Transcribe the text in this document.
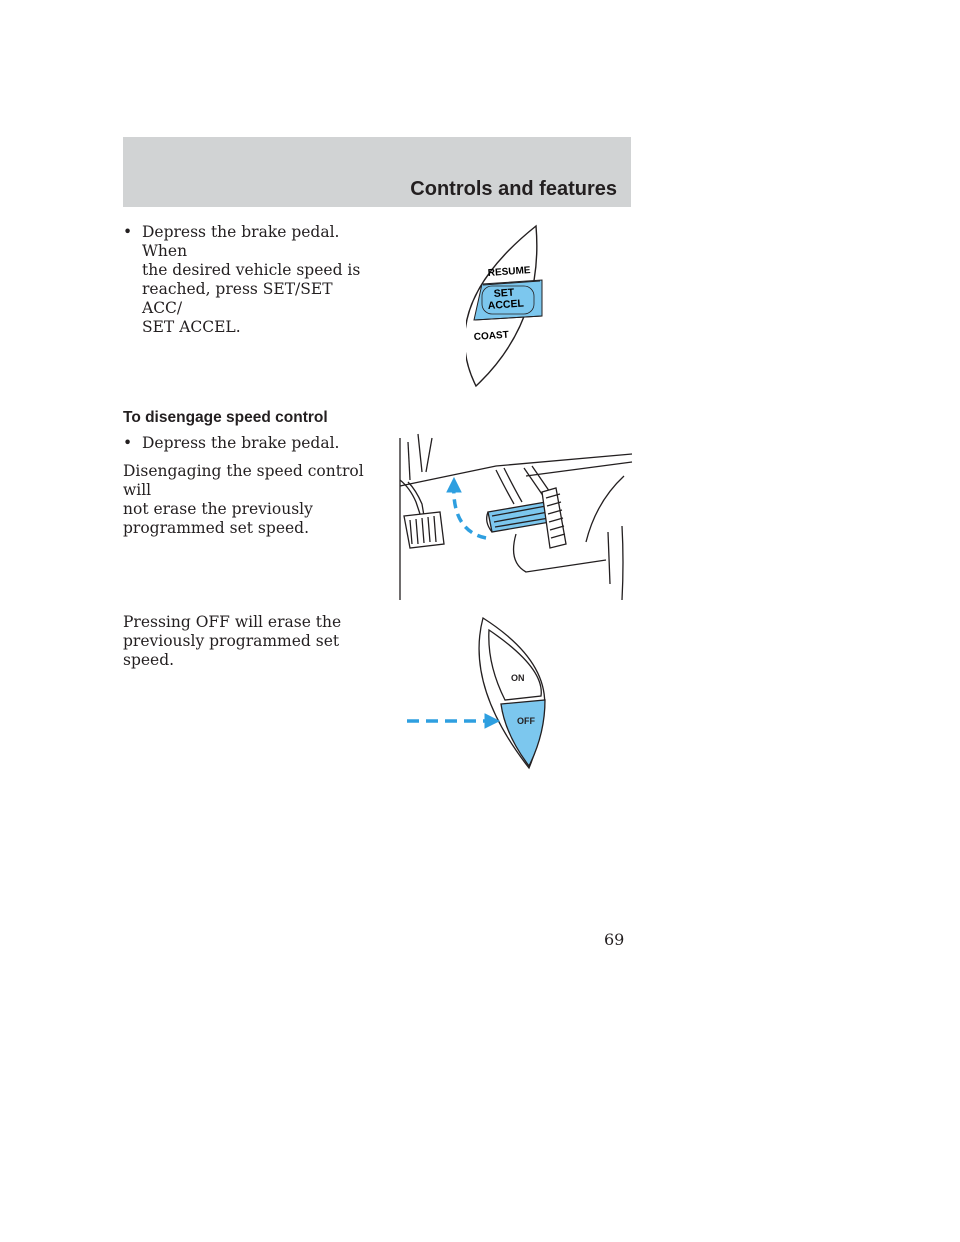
Controls and features
• Depress the brake pedal. When
the desired vehicle speed is
reached, press SET/SET ACC/
SET ACCEL.
RESUME
SET
ACCEL
COAST
To disengage speed control
• Depress the brake pedal.
Disengaging the speed control will
not erase the previously
programmed set speed.
Pressing OFF will erase the
previously programmed set speed.
ON
OFF
69
